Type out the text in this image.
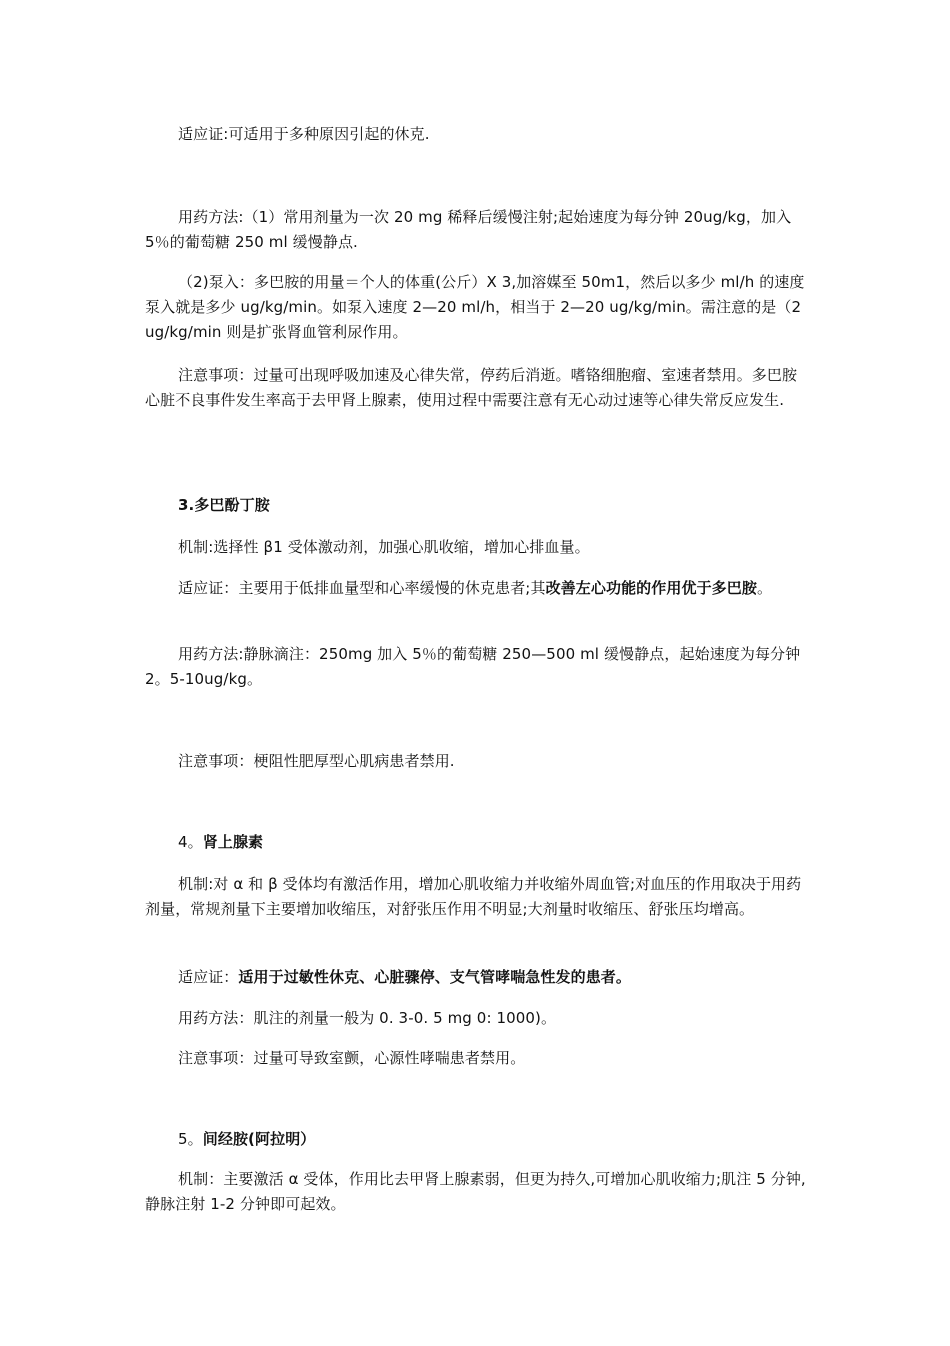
适应证:可适用于多种原因引起的休克.

用药方法:（1）常用剂量为一次 20 mg 稀释后缓慢注射;起始速度为每分钟 20ug/kg，加入 5％的葡萄糖 250 ml 缓慢静点.

（2)泵入：多巴胺的用量＝个人的体重(公斤）X 3,加溶媒至 50m1，然后以多少 ml/h 的速度泵入就是多少 ug/kg/min。如泵入速度 2—20 ml/h，相当于 2—20 ug/kg/min。需注意的是（2 ug/kg/min 则是扩张肾血管利尿作用。

注意事项：过量可出现呼吸加速及心律失常，停药后消逝。嗜铬细胞瘤、室速者禁用。多巴胺心脏不良事件发生率高于去甲肾上腺素，使用过程中需要注意有无心动过速等心律失常反应发生.

3.多巴酚丁胺

机制:选择性 β1 受体激动剂，加强心肌收缩，增加心排血量。

适应证：主要用于低排血量型和心率缓慢的休克患者;其改善左心功能的作用优于多巴胺。

用药方法:静脉滴注：250mg 加入 5％的葡萄糖 250—500 ml 缓慢静点，起始速度为每分钟 2。5-10ug/kg。

注意事项：梗阻性肥厚型心肌病患者禁用.

4。肾上腺素

机制:对 α 和 β 受体均有激活作用，增加心肌收缩力并收缩外周血管;对血压的作用取决于用药剂量，常规剂量下主要增加收缩压，对舒张压作用不明显;大剂量时收缩压、舒张压均增高。

适应证：适用于过敏性休克、心脏骤停、支气管哮喘急性发的患者。

用药方法：肌注的剂量一般为 0. 3-0. 5 mg 0: 1000)。

注意事项：过量可导致室颤，心源性哮喘患者禁用。

5。间经胺(阿拉明）

机制：主要激活 α 受体，作用比去甲肾上腺素弱，但更为持久,可增加心肌收缩力;肌注 5 分钟,静脉注射 1-2 分钟即可起效。
